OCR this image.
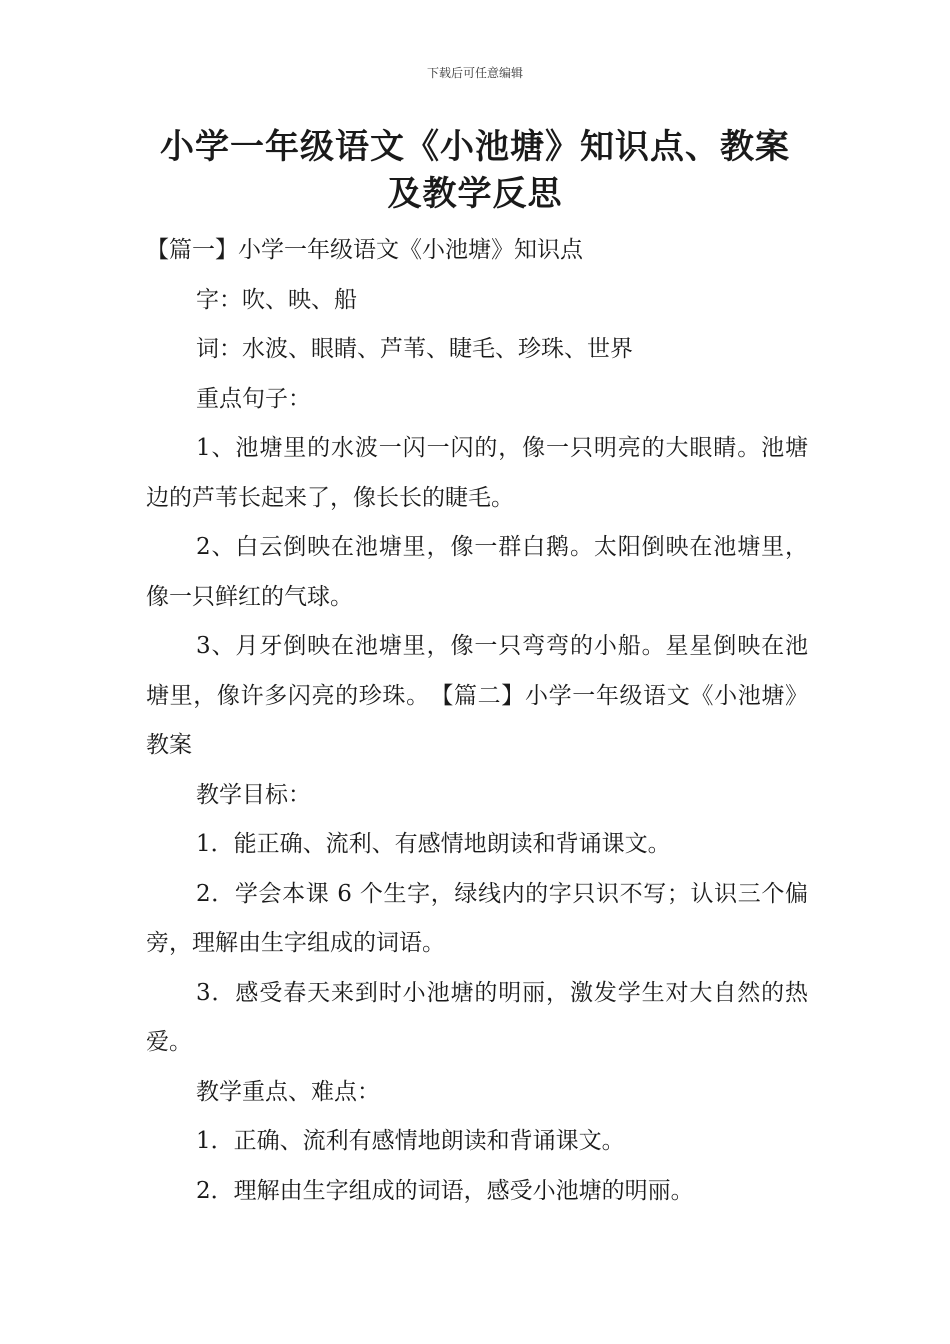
下载后可任意编辑
小学一年级语文《小池塘》知识点、教案
及教学反思

【篇一】小学一年级语文《小池塘》知识点

字：吹、映、船

词：水波、眼睛、芦苇、睫毛、珍珠、世界

重点句子：

1、池塘里的水波一闪一闪的，像一只明亮的大眼睛。池塘边的芦苇长起来了，像长长的睫毛。

2、白云倒映在池塘里，像一群白鹅。太阳倒映在池塘里，像一只鲜红的气球。

3、月牙倒映在池塘里，像一只弯弯的小船。星星倒映在池塘里，像许多闪亮的珍珠。　 【篇二】小学一年级语文《小池塘》教案

教学目标：

1．能正确、流利、有感情地朗读和背诵课文。

2．学会本课 6 个生字，绿线内的字只识不写；认识三个偏旁，理解由生字组成的词语。

3．感受春天来到时小池塘的明丽，激发学生对大自然的热爱。

教学重点、难点：

1．正确、流利有感情地朗读和背诵课文。

2．理解由生字组成的词语，感受小池塘的明丽。
